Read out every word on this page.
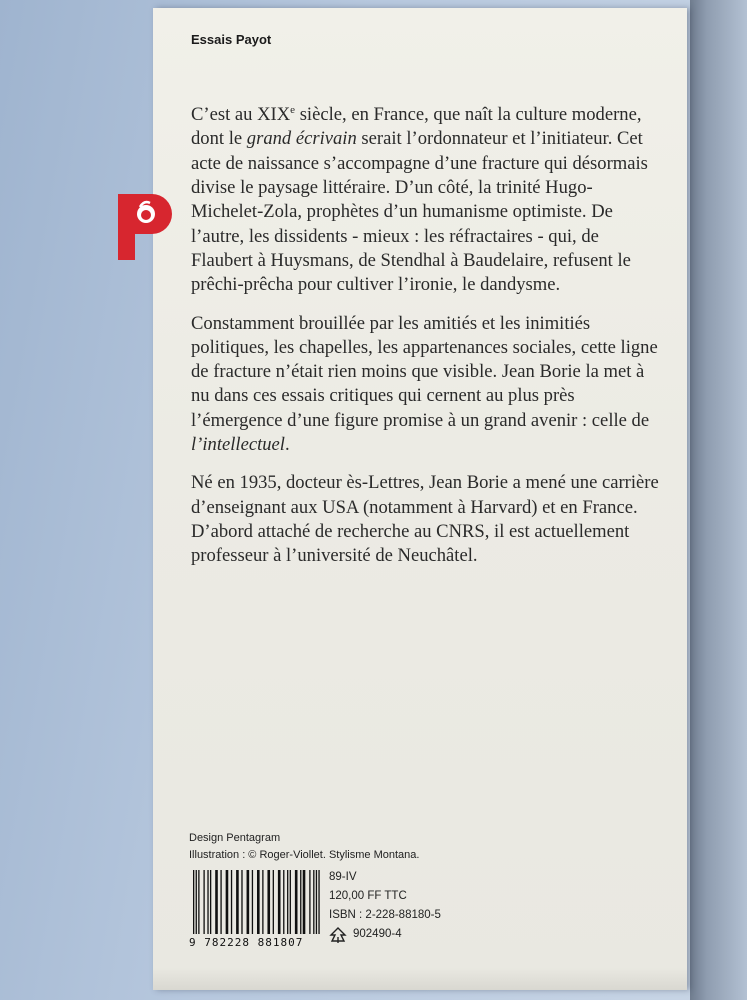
Essais Payot

C’est au XIXe siècle, en France, que naît la culture moderne, dont le grand écrivain serait l’ordonnateur et l’initiateur. Cet acte de naissance s’accompagne d’une fracture qui désormais divise le paysage littéraire. D’un côté, la trinité Hugo-Michelet-Zola, prophètes d’un humanisme optimiste. De l’autre, les dissidents - mieux : les réfractaires - qui, de Flaubert à Huysmans, de Stendhal à Baudelaire, refusent le prêchi-prêcha pour cultiver l’ironie, le dandysme.

Constamment brouillée par les amitiés et les inimitiés politiques, les chapelles, les appartenances sociales, cette ligne de fracture n’était rien moins que visible. Jean Borie la met à nu dans ces essais critiques qui cernent au plus près l’émergence d’une figure promise à un grand avenir : celle de l’intellectuel.

Né en 1935, docteur ès-Lettres, Jean Borie a mené une carrière d’enseignant aux USA (notamment à Harvard) et en France. D’abord attaché de recherche au CNRS, il est actuellement professeur à l’université de Neuchâtel.

Design Pentagram
Illustration : © Roger-Viollet. Stylisme Montana.
9 782228 881807
89-IV
120,00 FF TTC
ISBN : 2-228-88180-5
902490-4
